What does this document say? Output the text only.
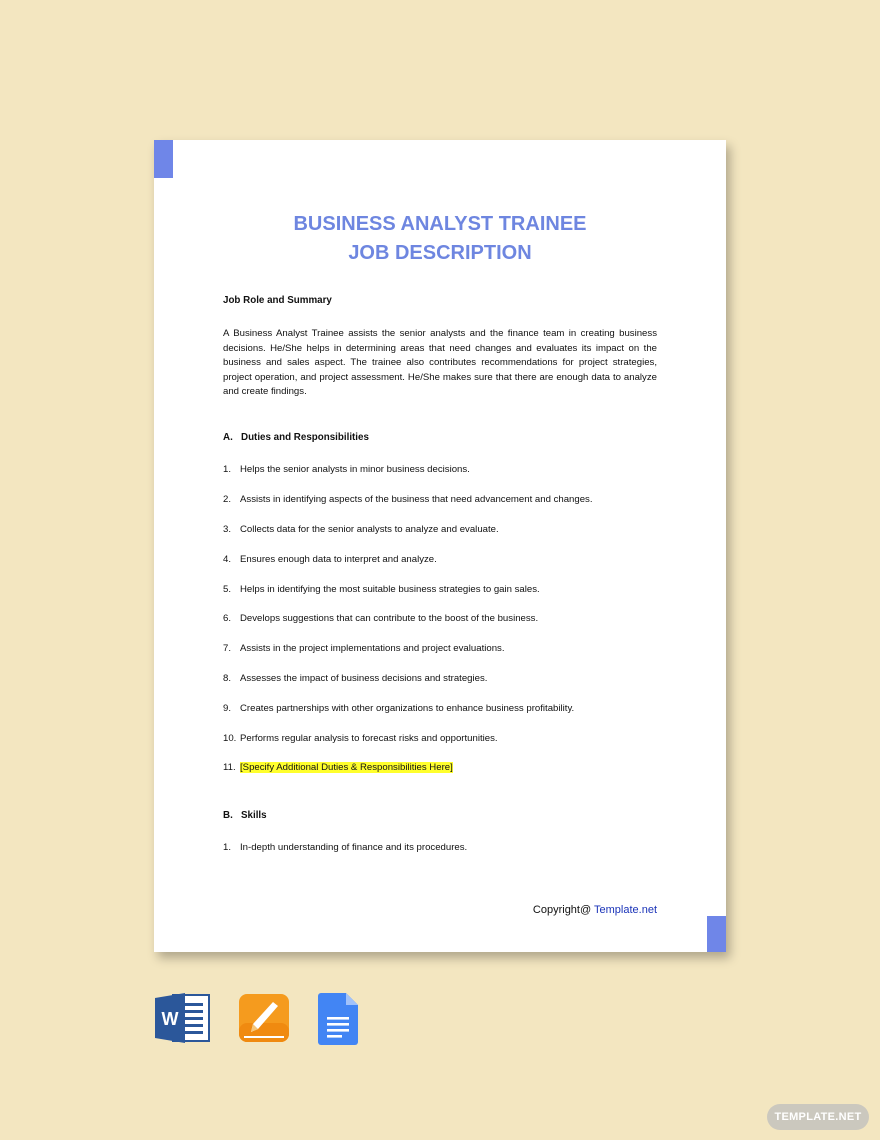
BUSINESS ANALYST TRAINEE
JOB DESCRIPTION
Job Role and Summary
A Business Analyst Trainee assists the senior analysts and the finance team in creating business decisions. He/She helps in determining areas that need changes and evaluates its impact on the business and sales aspect. The trainee also contributes recommendations for project strategies, project operation, and project assessment. He/She makes sure that there are enough data to analyze and create findings.
A. Duties and Responsibilities
1. Helps the senior analysts in minor business decisions.
2. Assists in identifying aspects of the business that need advancement and changes.
3. Collects data for the senior analysts to analyze and evaluate.
4. Ensures enough data to interpret and analyze.
5. Helps in identifying the most suitable business strategies to gain sales.
6. Develops suggestions that can contribute to the boost of the business.
7. Assists in the project implementations and project evaluations.
8. Assesses the impact of business decisions and strategies.
9. Creates partnerships with other organizations to enhance business profitability.
10. Performs regular analysis to forecast risks and opportunities.
11. [Specify Additional Duties & Responsibilities Here]
B. Skills
1. In-depth understanding of finance and its procedures.
Copyright@ Template.net
W
TEMPLATE.NET
